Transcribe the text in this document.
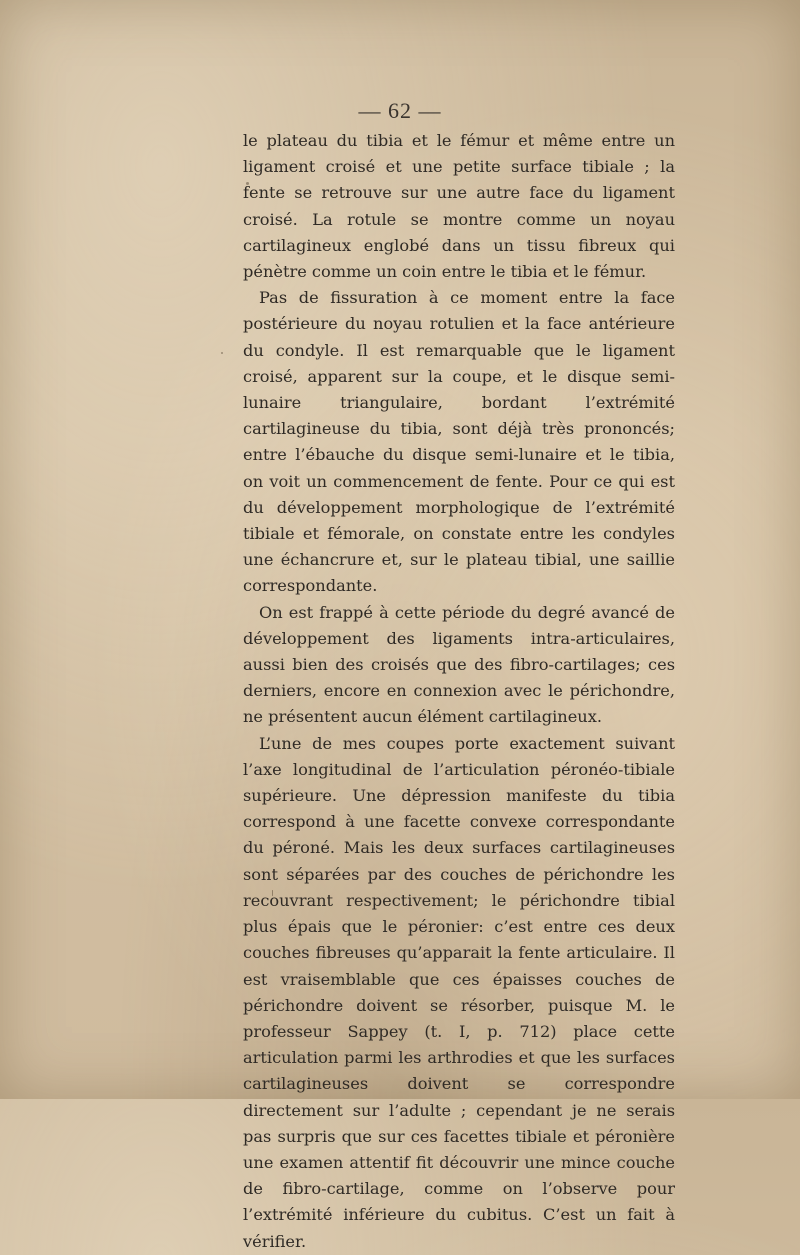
— 62 —

le plateau du tibia et le fémur et même entre un ligament croisé et une petite surface tibiale ; la fente se retrouve sur une autre face du ligament croisé. La rotule se montre comme un noyau cartilagineux englobé dans un tissu fibreux qui pénètre comme un coin entre le tibia et le fémur.

Pas de fissuration à ce moment entre la face postérieure du noyau rotulien et la face antérieure du condyle. Il est remarquable que le ligament croisé, apparent sur la coupe, et le disque semi-lunaire triangulaire, bordant l’extrémité cartilagineuse du tibia, sont déjà très prononcés; entre l’ébauche du disque semi-lunaire et le tibia, on voit un commencement de fente. Pour ce qui est du développement morphologique de l’extrémité tibiale et fémorale, on constate entre les condyles une échancrure et, sur le plateau tibial, une saillie correspondante.

On est frappé à cette période du degré avancé de développement des ligaments intra-articulaires, aussi bien des croisés que des fibro-cartilages; ces derniers, encore en connexion avec le périchondre, ne présentent aucun élément cartilagineux.

L’une de mes coupes porte exactement suivant l’axe longitudinal de l’articulation péronéo-tibiale supérieure. Une dépression manifeste du tibia correspond à une facette convexe correspondante du péroné. Mais les deux surfaces cartilagineuses sont séparées par des couches de périchondre les recouvrant respectivement; le périchondre tibial plus épais que le péronier: c’est entre ces deux couches fibreuses qu’apparait la fente articulaire. Il est vraisemblable que ces épaisses couches de périchondre doivent se résorber, puisque M. le professeur Sappey (t. I, p. 712) place cette articulation parmi les arthrodies et que les surfaces cartilagineuses doivent se correspondre directement sur l’adulte ; cependant je ne serais pas surpris que sur ces facettes tibiale et péronière une examen attentif fit découvrir une mince couche de fibro-cartilage, comme on l’observe pour l’extrémité inférieure du cubitus. C’est un fait à vérifier.
